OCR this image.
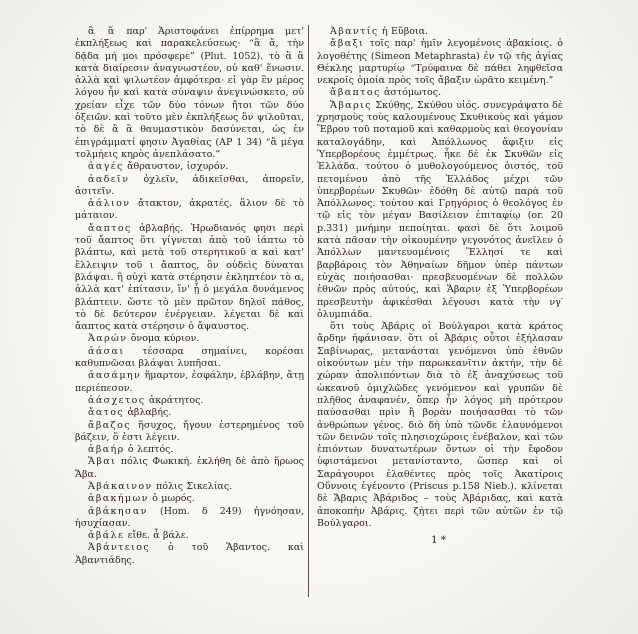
ἃ ἅ παρ' Ἀριστοφάνει ἐπίρρημα μετ' ἐκπλήξεως καὶ παρακελεύσεως· “ἃ ἅ, τὴν δᾷδα μή μοι πρόσφερε” (Plut. 1052). τὸ ἃ ἃ κατὰ διαίρεσιν ἀναγνωστέον, οὐ καθ' ἕνωσιν. ἀλλὰ καὶ ψιλωτέον ἀμφότερα· εἰ γὰρ ἓν μέρος λόγου ἦν καὶ κατὰ σύναψιν ἀνεγινώσκετο, οὐ χρείαν εἶχε τῶν δύο τόνων ἤτοι τῶν δύο ὀξειῶν. καὶ τοῦτο μὲν ἐκπλήξεως ὂν ψιλοῦται, τὸ δὲ ἃ ἃ θαυμαστικὸν δασύνεται, ὡς ἐν ἐπιγράμματί φησιν Ἀγαθίας (AP 1 34) “ἃ μέγα τολμήεις κηρὸς ἀνεπλάσατο.”

ἀαγές ἄθραυστον, ἰσχυρόν.

ἀαδεῖν ὀχλεῖν, ἀδικεῖσθαι, ἀπορεῖν, ἀσιτεῖν.

ἀάλιον ἄτακτον, ἀκρατές. ἅλιον δὲ τὸ μάταιον.

ἄαπτος ἀβλαβής. Ἡρωδιανός φησι περὶ τοῦ ἄαπτος ὅτι γίγνεται ἀπὸ τοῦ ἰάπτω τὸ βλάπτω, καὶ μετὰ τοῦ στερητικοῦ α καὶ κατ' ἔλλειψιν τοῦ ι ἄαπτος, ὃν οὐδεὶς δύναται βλάψαι. ἢ οὐχὶ κατὰ στέρησιν ἐκληπτέον τὸ α, ἀλλὰ κατ' ἐπίτασιν, ἵν' ᾖ ὁ μεγάλα δυνάμενος βλάπτειν. ὥστε τὸ μὲν πρῶτον δηλοῖ πάθος, τὸ δὲ δεύτερον ἐνέργειαν. λέγεται δὲ καὶ ἄαπτος κατὰ στέρησιν ὁ ἄψαυστος.

Ἀαρών ὄνομα κύριον.

ἀάσαι τέσσαρα σημαίνει, κορέσαι καθυπνῶσαι βλάψαι λυπῆσαι.

ἀασάμην ἥμαρτον, ἐσφάλην, ἐβλάβην, ἄτῃ περιέπεσον.

ἀάσχετος ἀκράτητος.

ἄατος ἀβλαβής.

ἄβαζος ἥσυχος, ἤγουν ἐστερημένος τοῦ βάζειν, ὅ ἐστι λέγειν.

ἀβαήρ ὁ λεπτός.

Ἄβαι πόλις Φωκική. ἐκλήθη δὲ ἀπὸ ἥρωος Ἄβα.

Ἀβάκαινον πόλις Σικελίας.

ἀβακήμων ὁ μωρός.

ἀβάκησαν (Hom. δ 249) ἠγνόησαν, ἡσυχίασαν.

ἀβάλε εἴθε. ἆ βάλε.

Ἀβάντειος ὁ τοῦ Ἄβαντος. καὶ Ἀβαντιάδης.

Ἀβαντίς ἡ Εὔβοια.

ἄβαξι τοῖς παρ' ἡμῖν λεγομένοις ἀβακίοις. ὁ λογοθέτης (Simeon Metaphrasta) ἐν τῷ τῆς ἁγίας Θέκλης μαρτυρίῳ “Τρύφαινα δὲ πάθει ληφθεῖσα νεκροῖς ὁμοία πρὸς τοῖς ἄβαξιν ὡρᾶτο κειμένη.”

ἄβαπτος ἀστόμωτος.

Ἄβαρις Σκύθης, Σκύθου υἱός. συνεγράψατο δὲ χρησμοὺς τοὺς καλουμένους Σκυθικοὺς καὶ γάμον Ἕβρου τοῦ ποταμοῦ καὶ καθαρμοὺς καὶ θεογονίαν καταλογάδην, καὶ Ἀπόλλωνος ἄφιξιν εἰς Ὑπερβορέους ἐμμέτρως. ἧκε δὲ ἐκ Σκυθῶν εἰς Ἑλλάδα. τούτου ὁ μυθολογούμενος ὀιστός, τοῦ πετομένου ἀπὸ τῆς Ἑλλάδος μέχρι τῶν ὑπερβορέων Σκυθῶν· ἐδόθη δὲ αὐτῷ παρὰ τοῦ Ἀπόλλωνος. τούτου καὶ Γρηγόριος ὁ θεολόγος ἐν τῷ εἰς τὸν μέγαν Βασίλειον ἐπιταφίῳ (or. 20 p.331) μνήμην πεποίηται. φασὶ δὲ ὅτι λοιμοῦ κατὰ πᾶσαν τὴν οἰκουμένην γεγονότος ἀνεῖλεν ὁ Ἀπόλλων μαντευομένοις Ἕλλησί τε καὶ βαρβάροις τὸν Ἀθηναίων δῆμον ὑπὲρ πάντων εὐχὰς ποιήσασθαι· πρεσβευομένων δὲ πολλῶν ἐθνῶν πρὸς αὐτούς, καὶ Ἄβαριν ἐξ Ὑπερβορέων πρεσβευτὴν ἀφικέσθαι λέγουσι κατὰ τὴν νγ′ ὀλυμπιάδα.

ὅτι τοὺς Ἀβάρις οἱ Βούλγαροι κατὰ κράτος ἄρδην ἠφάνισαν. ὅτι οἱ Ἀβάρις οὗτοι ἐξήλασαν Σαβίνωρας, μετανάσται γενόμενοι ὑπὸ ἐθνῶν οἰκούντων μὲν τὴν παρωκεανῖτιν ἀκτήν, τὴν δὲ χώραν ἀπολιπόντων διὰ τὸ ἐξ ἀναχύσεως τοῦ ὠκεανοῦ ὁμιχλῶδες γενόμενον καὶ γρυπῶν δὲ πλῆθος ἀναφανέν, ὅπερ ἦν λόγος μὴ πρότερον παύσασθαι πρὶν ἢ βορὰν ποιήσασθαι τὸ τῶν ἀνθρώπων γένος. διὸ δὴ ὑπὸ τῶνδε ἐλαυνόμενοι τῶν δεινῶν τοῖς πλησιοχώροις ἐνέβαλον, καὶ τῶν ἐπιόντων δυνατωτέρων ὄντων οἱ τὴν ἔφοδον ὑφιστάμενοι μετανίσταντο, ὥσπερ καὶ οἱ Σαράγουροι ἐλαθέντες πρὸς τοῖς Ἀκατίροις Οὔννοις ἐγένοντο (Priscus p.158 Nieb.). κλίνεται δὲ Ἄβαρις Ἀβάριδος – τοὺς Ἀβάριδας, καὶ κατὰ ἀποκοπὴν Ἀβάρις. ζήτει περὶ τῶν αὐτῶν ἐν τῷ Βούλγαροι.

1*
